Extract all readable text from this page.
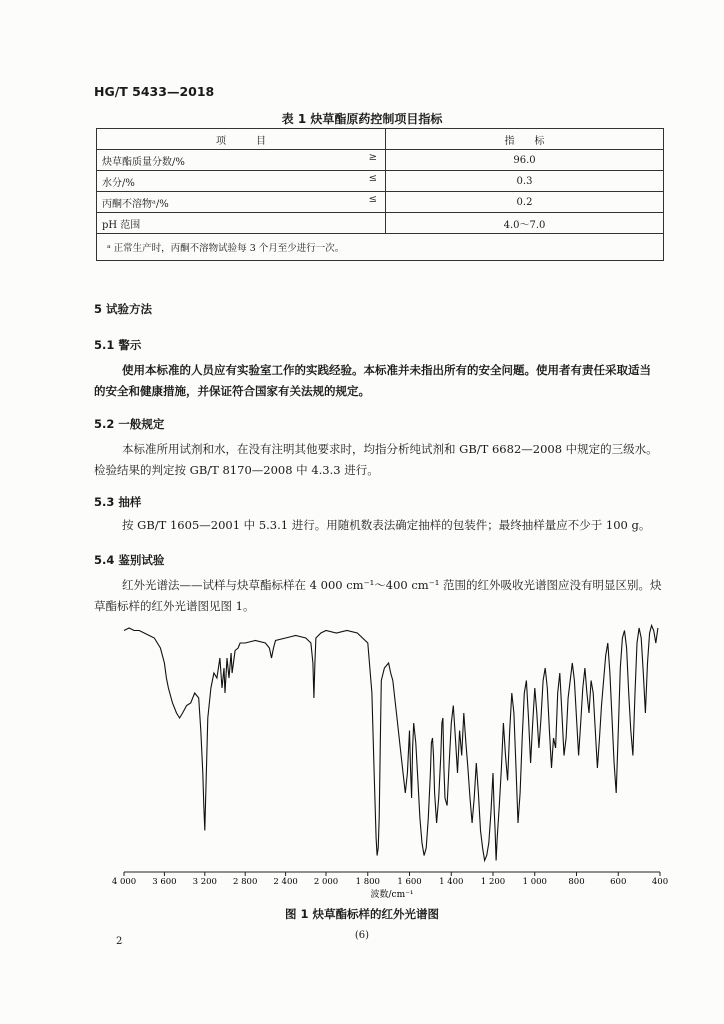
HG/T 5433—2018
表 1 炔草酯原药控制项目指标
项　　　目	指　　标
炔草酯质量分数/% ≥	96.0
水分/% ≤	0.3
丙酮不溶物ᵃ/% ≤	0.2
pH 范围	4.0～7.0
ᵃ 正常生产时，丙酮不溶物试验每 3 个月至少进行一次。	
5 试验方法
5.1 警示
使用本标准的人员应有实验室工作的实践经验。本标准并未指出所有的安全问题。使用者有责任采取适当的安全和健康措施，并保证符合国家有关法规的规定。
5.2 一般规定
本标准所用试剂和水，在没有注明其他要求时，均指分析纯试剂和 GB/T 6682—2008 中规定的三级水。检验结果的判定按 GB/T 8170—2008 中 4.3.3 进行。
5.3 抽样
按 GB/T 1605—2001 中 5.3.1 进行。用随机数表法确定抽样的包装件；最终抽样量应不少于 100 g。
5.4 鉴别试验
红外光谱法——试样与炔草酯标样在 4 000 cm⁻¹～400 cm⁻¹ 范围的红外吸收光谱图应没有明显区别。炔草酯标样的红外光谱图见图 1。
4 000 3 600 3 200 2 800 2 400 2 000 1 800 1 600 1 400 1 200 1 000	800	600	400
波数/cm⁻¹
图 1 炔草酯标样的红外光谱图
2
(6)
